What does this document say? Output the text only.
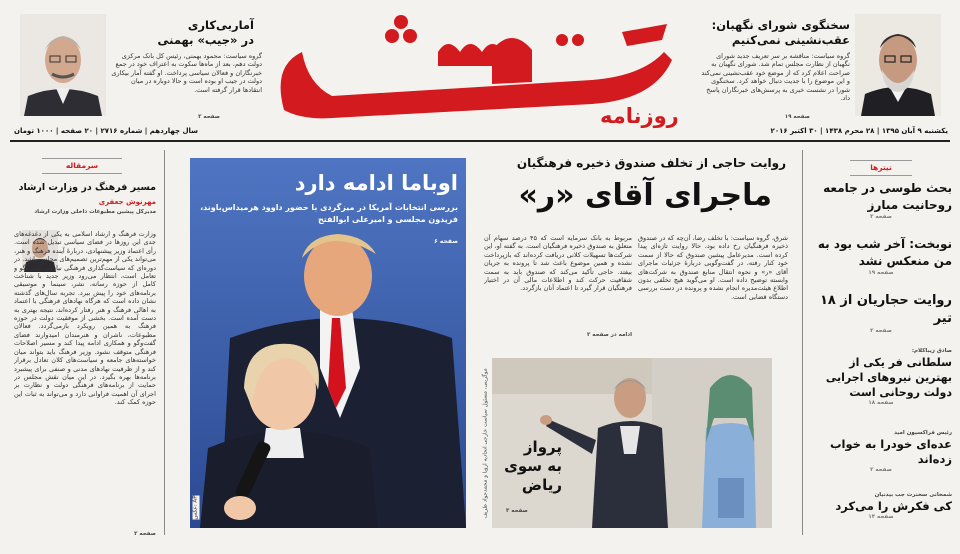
سخنگوی شورای نگهبان:
عقب‌نشینی نمی‌کنیم
گروه سیاست: مناقشه بر سر تعریف جدید شورای نگهبان از نظارت مجلس تمام شد. شورای نگهبان به صراحت اعلام کرد که از موضع خود عقب‌نشینی نمی‌کند و این موضوع را با جدیت دنبال خواهد کرد. سخنگوی شورا در نشست خبری به پرسش‌های خبرنگاران پاسخ داد.
صفحه ۱۹
روزنامه
آماربی‌کاری
در «جیب» بهمنی
گروه سیاست: محمود بهمنی، رئیس کل بانک مرکزی دولت دهم، بعد از ماه‌ها سکوت به اعتراف خود در جمع خبرنگاران و فعالان سیاسی پرداخت. او گفته آمار بیکاری دولت در جیب او بوده است و حالا دوباره در میان انتقادها قرار گرفته است.
صفحه ۲
یکشنبه ۹ آبان ۱۳۹۵ | ۲۸ محرم ۱۴۳۸ | ۳۰ اکتبر ۲۰۱۶
سال چهاردهم | شماره ۲۷۱۶ | ۲۰ صفحه | ۱۰۰۰ تومان
سرمقاله
مسیر فرهنگ در وزارت ارشاد
مهرنوش جعفری
مدیرکل پیشین مطبوعات داخلی وزارت ارشاد
وزارت فرهنگ و ارشاد اسلامی به یکی از دغدغه‌های جدی این روزها در فضای سیاسی تبدیل شده است. رأی اعتماد وزیر پیشنهادی، دربارهٔ آینده فرهنگ و هنر، می‌تواند یکی از مهم‌ترین تصمیم‌های مجلس باشد. در دوره‌ای که سیاست‌گذاری فرهنگی نیازمند گفت‌وگو و تعامل است، انتظار می‌رود وزیر جدید با شناخت کامل از حوزه رسانه، نشر، سینما و موسیقی برنامه‌های خود را پیش ببرد. تجربه سال‌های گذشته نشان داده است که هرگاه نهادهای فرهنگی با اعتماد به اهالی فرهنگ و هنر رفتار کرده‌اند، نتیجه بهتری به دست آمده است. بخشی از موفقیت دولت در حوزه فرهنگ به همین رویکرد بازمی‌گردد. فعالان مطبوعات، ناشران و هنرمندان امیدوارند فضای گفت‌وگو و همکاری ادامه پیدا کند و مسیر اصلاحات فرهنگی متوقف نشود. وزیر فرهنگ باید بتواند میان خواسته‌های جامعه و سیاست‌های کلان تعادل برقرار کند و از ظرفیت نهادهای مدنی و صنفی برای پیشبرد برنامه‌ها بهره بگیرد. در این میان نقش مجلس در حمایت از برنامه‌های فرهنگی دولت و نظارت بر اجرای آن اهمیت فراوانی دارد و می‌تواند به ثبات این حوزه کمک کند.
صفحه ۲
اوباما ادامه دارد
بررسی انتخابات آمریکا در میزگردی با حضور داوود هرمیداس‌باوند، فریدون مجلسی و امیرعلی ابوالفتح
صفحه ۶
عکس: AP
روایت حاجی از تخلف صندوق ذخیره فرهنگیان
ماجرای آقای «ر»
شرق، گروه سیاست: با تخلف رضا، آن‌چه که در صندوق ذخیره فرهنگیان رخ داده بود، حالا روایت تازه‌ای پیدا کرده است. مدیرعامل پیشین صندوق که حالا از سمت خود کنار رفته، در گفت‌وگویی دربارهٔ جزئیات ماجرای آقای «ر» و نحوه انتقال منابع صندوق به شرکت‌های وابسته توضیح داده است. او می‌گوید هیچ تخلفی بدون اطلاع هیئت‌مدیره انجام نشده و پرونده در دست بررسی دستگاه قضایی است.
مربوط به بانک سرمایه است که ۴۵ درصد سهام آن متعلق به صندوق ذخیره فرهنگیان است. به گفته او، این شرکت‌ها تسهیلات کلانی دریافت کرده‌اند که بازپرداخت نشده و همین موضوع باعث شد تا پرونده به جریان بیفتد. حاجی تأکید می‌کند که صندوق باید به سمت شفافیت حرکت کند و اطلاعات مالی آن در اختیار فرهنگیان قرار گیرد تا اعتماد آنان بازگردد.
ادامه در صفحه ۲
پرواز
به سوی
ریاض
صفحه ۳
موگرینی، مسئول سیاست خارجی اتحادیه اروپا و محمدجواد ظریف
تیترها
بحث طوسی در جامعه روحانیت مبارز
صفحه ۲
نوبخت: آخر شب بود به من منعکس نشد
صفحه ۱۹
روایت حجاریان از ۱۸ تیر
صفحه ۲
صادق زیباکلام:
سلطانی فر یکی از بهترین نیروهای اجرایی دولت روحانی است
صفحه ۱۸
رئیس فراکسیون امید
عده‌ای خودرا به خواب زده‌اند
صفحه ۲
شمخانی سخنرت جب بیدنیان
کی فکرش را می‌کرد
صفحه ۱۴
